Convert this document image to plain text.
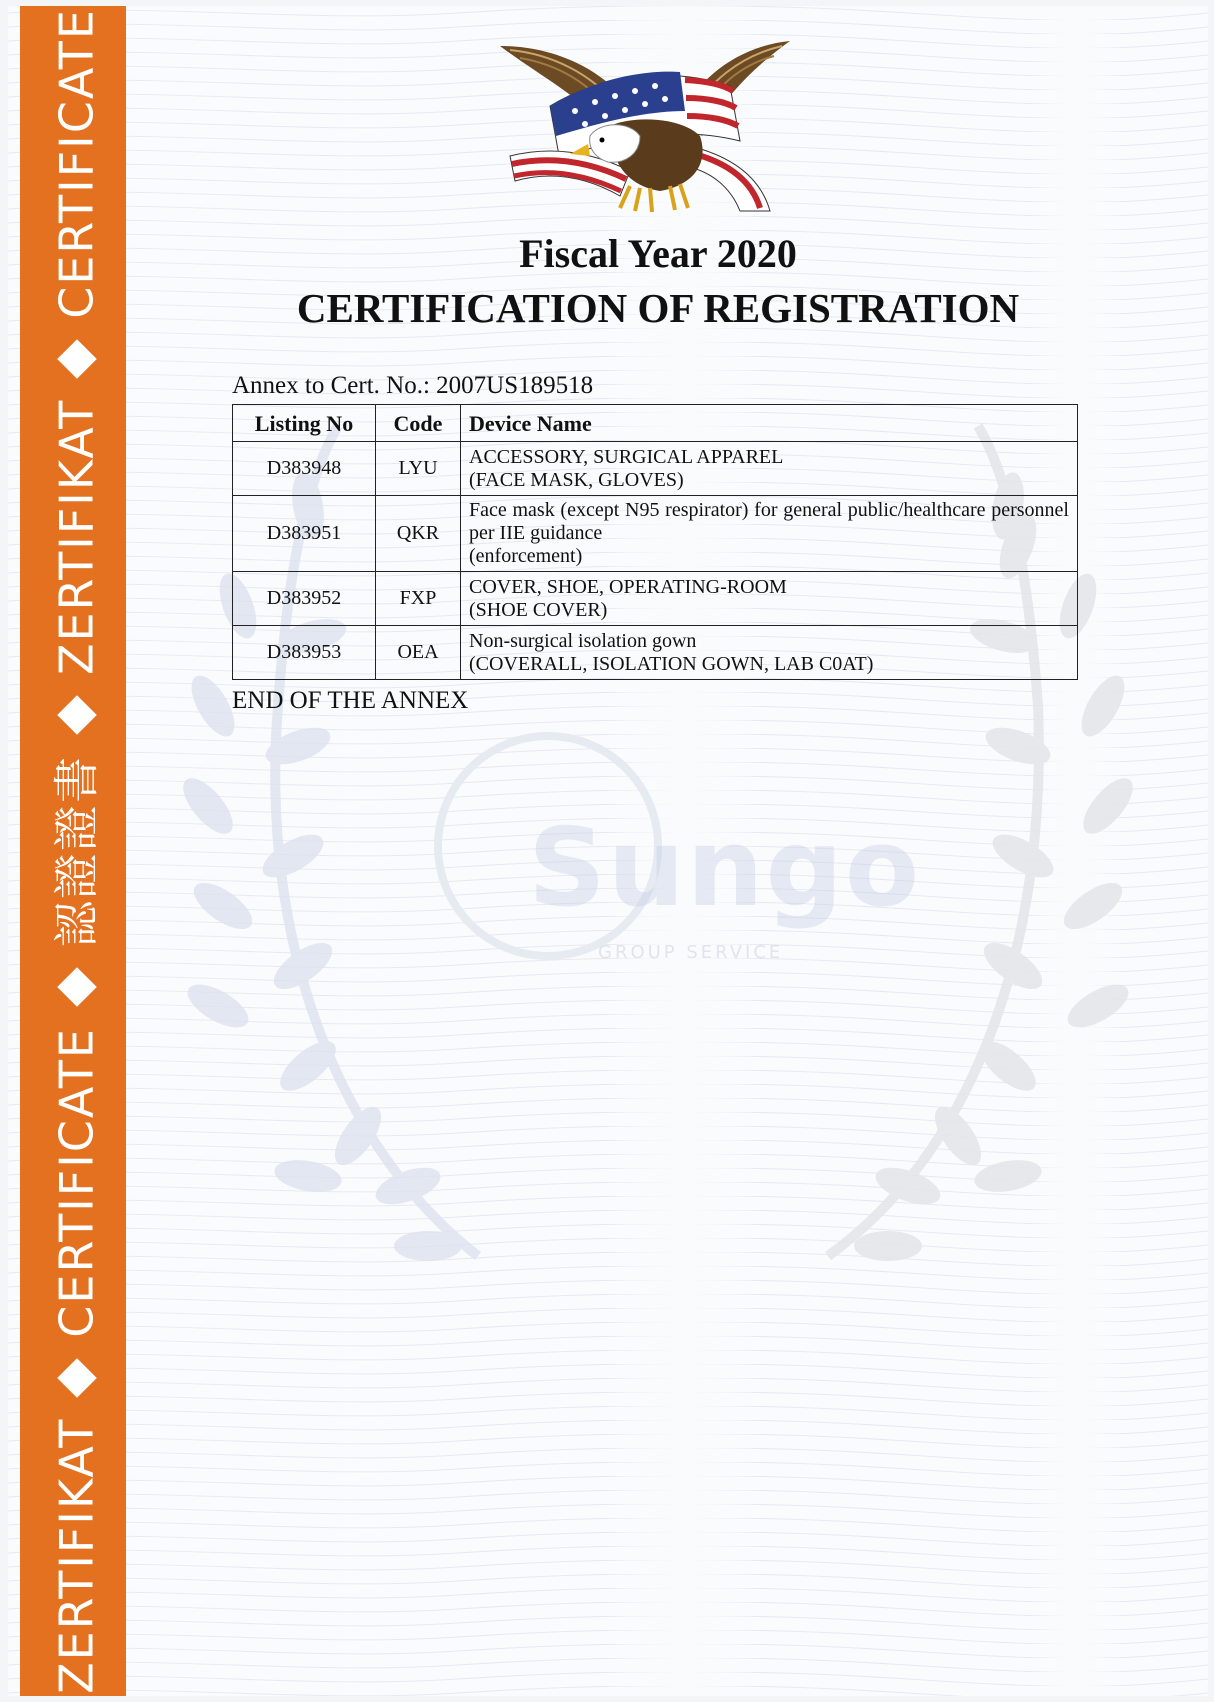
Sungo
GROUP SERVICE
ZERTIFIKATCERTIFICATE認證證書ZERTIFIKATCERTIFICATE
Fiscal Year 2020
CERTIFICATION OF REGISTRATION
Annex to Cert. No.: 2007US189518
Listing No	Code	Device Name
D383948	LYU	ACCESSORY, SURGICAL APPAREL
(FACE MASK, GLOVES)

D383951	QKR	Face mask (except N95 respirator) for general public/healthcare personnel per IIE guidance
(enforcement)

D383952	FXP	COVER, SHOE, OPERATING-ROOM
(SHOE COVER)

D383953	OEA	Non-surgical isolation gown
(COVERALL, ISOLATION GOWN, LAB C0AT)
END OF THE ANNEX
